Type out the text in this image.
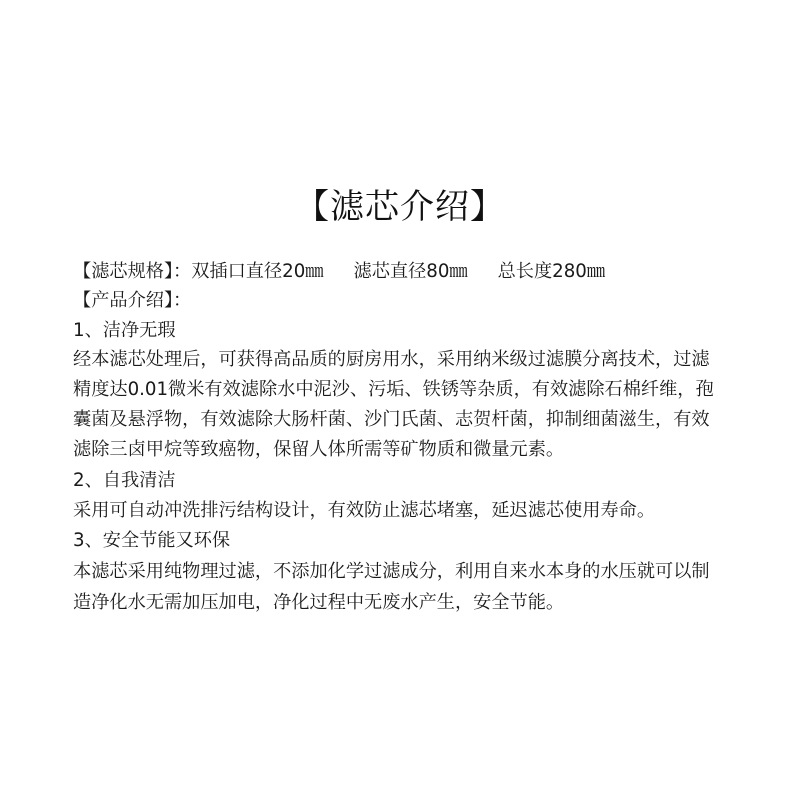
【滤芯介绍】
【滤芯规格】：双插口直径20㎜ 滤芯直径80㎜ 总长度280㎜
【产品介绍】：
1、洁净无瑕
经本滤芯处理后，可获得高品质的厨房用水，采用纳米级过滤膜分离技术，过滤
精度达0.01微米有效滤除水中泥沙、污垢、铁锈等杂质，有效滤除石棉纤维，孢
囊菌及悬浮物，有效滤除大肠杆菌、沙门氏菌、志贺杆菌，抑制细菌滋生，有效
滤除三卤甲烷等致癌物，保留人体所需等矿物质和微量元素。
2、自我清洁
采用可自动冲洗排污结构设计，有效防止滤芯堵塞，延迟滤芯使用寿命。
3、安全节能又环保
本滤芯采用纯物理过滤，不添加化学过滤成分，利用自来水本身的水压就可以制
造净化水无需加压加电，净化过程中无废水产生，安全节能。
